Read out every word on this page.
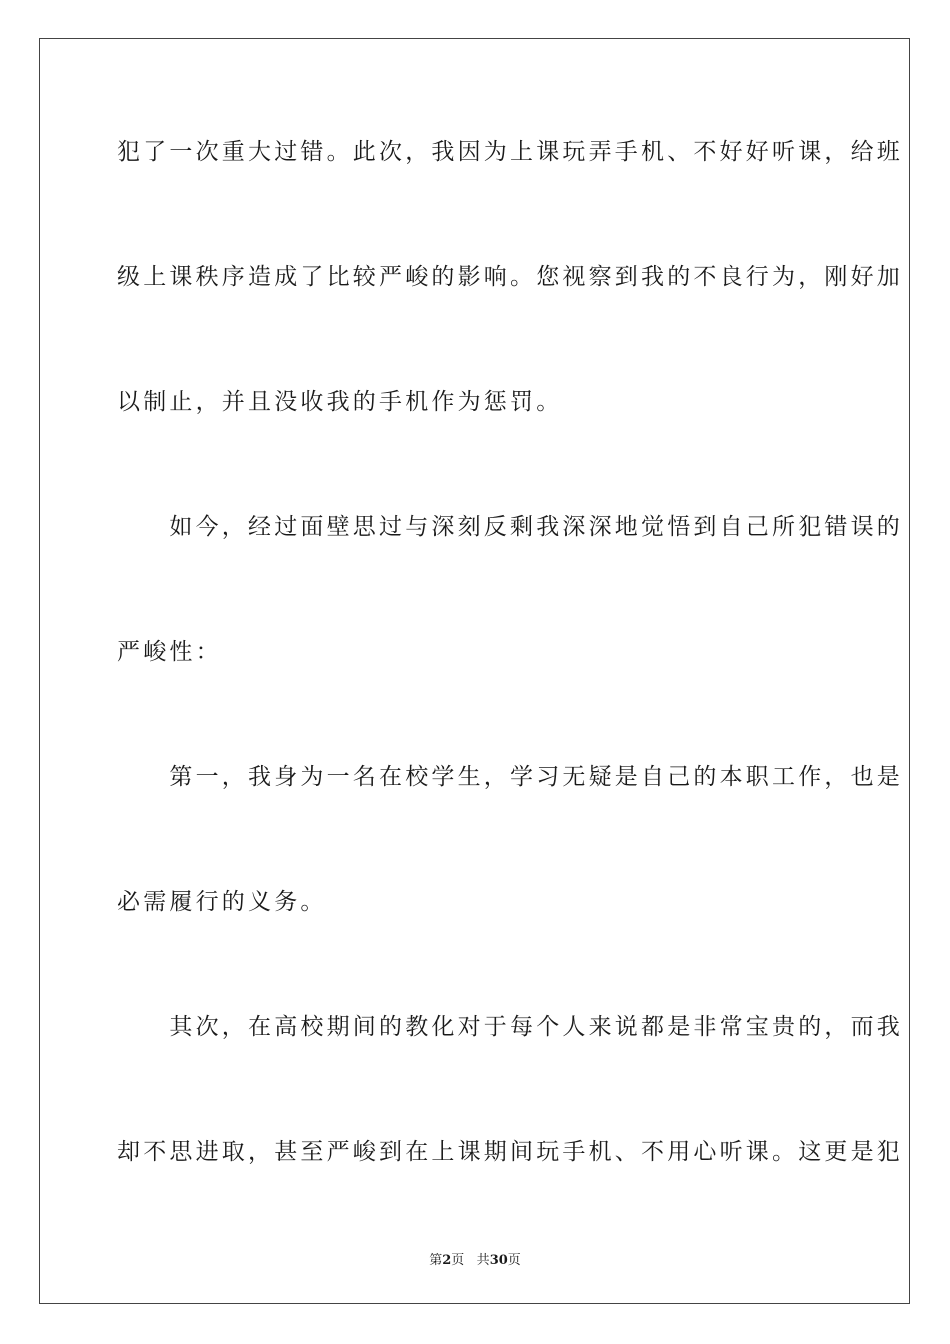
犯了一次重大过错。此次，我因为上课玩弄手机、不好好听课，给班
级上课秩序造成了比较严峻的影响。您视察到我的不良行为，刚好加
以制止，并且没收我的手机作为惩罚。
　　如今，经过面壁思过与深刻反剩我深深地觉悟到自己所犯错误的
严峻性：
　　第一，我身为一名在校学生，学习无疑是自己的本职工作，也是
必需履行的义务。
　　其次，在高校期间的教化对于每个人来说都是非常宝贵的，而我
却不思进取，甚至严峻到在上课期间玩手机、不用心听课。这更是犯
第2页 共30页
